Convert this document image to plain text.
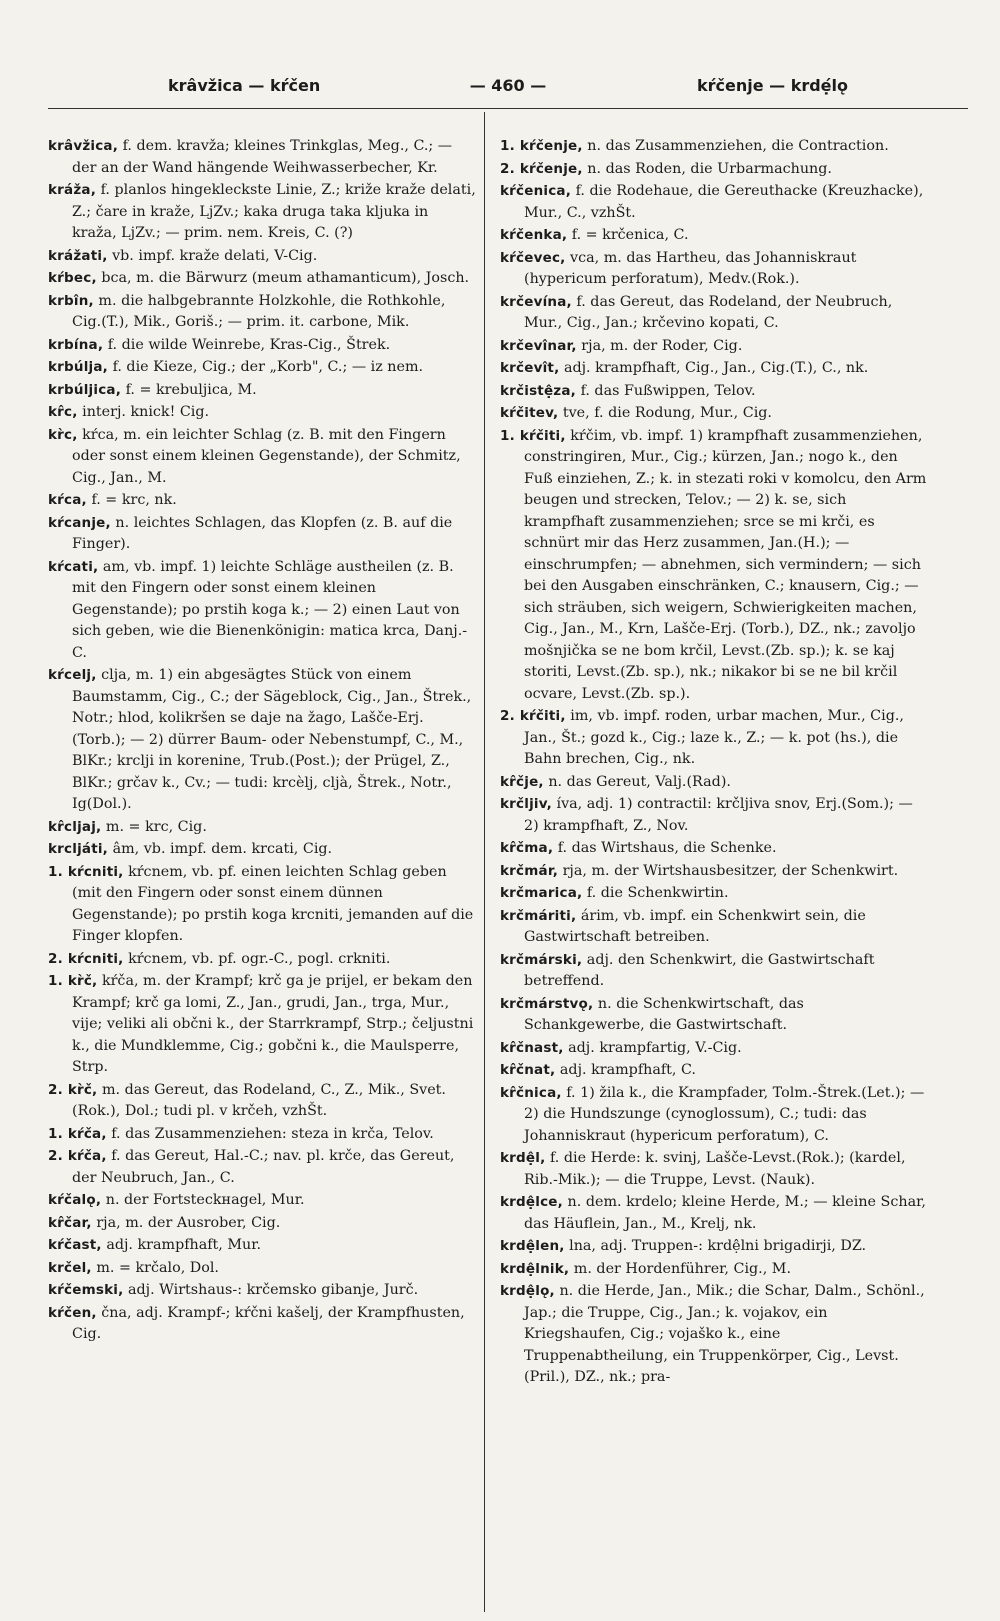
krâvžica — kŕčen	— 460 —	kŕčenje — krdẹ́lǫ
krâvžica, f. dem. kravža; kleines Trinkglas, Meg., C.; — der an der Wand hängende Weihwasserbecher, Kr.
kráža, f. planlos hingekleckste Linie, Z.; križe kraže delati, Z.; čare in kraže, LjZv.; kaka druga taka kljuka in kraža, LjZv.; — prim. nem. Kreis, C. (?)
krážati, vb. impf. kraže delati, V-Cig.
kŕbec, bca, m. die Bärwurz (meum athamanticum), Josch.
krbîn, m. die halbgebrannte Holzkohle, die Rothkohle, Cig.(T.), Mik., Goriš.; — prim. it. carbone, Mik.
krbína, f. die wilde Weinrebe, Kras-Cig., Štrek.
krbúlja, f. die Kieze, Cig.; der „Korb", C.; — iz nem.
krbúljica, f. = krebuljica, M.
kr̂c, interj. knick! Cig.
kr̀c, kŕca, m. ein leichter Schlag (z. B. mit den Fingern oder sonst einem kleinen Gegenstande), der Schmitz, Cig., Jan., M.
kŕca, f. = krc, nk.
kŕcanje, n. leichtes Schlagen, das Klopfen (z. B. auf die Finger).
kŕcati, am, vb. impf. 1) leichte Schläge austheilen (z. B. mit den Fingern oder sonst einem kleinen Gegenstande); po prstih koga k.; — 2) einen Laut von sich geben, wie die Bienenkönigin: matica krca, Danj.-C.
kŕcelj, clja, m. 1) ein abgesägtes Stück von einem Baumstamm, Cig., C.; der Sägeblock, Cig., Jan., Štrek., Notr.; hlod, kolikršen se daje na žago, Lašče-Erj.(Torb.); — 2) dürrer Baum- oder Nebenstumpf, C., M., BlKr.; krclji in korenine, Trub.(Post.); der Prügel, Z., BlKr.; grčav k., Cv.; — tudi: krcèlj, cljà, Štrek., Notr., Ig(Dol.).
kr̂cljaj, m. = krc, Cig.
krcljáti, âm, vb. impf. dem. krcati, Cig.
1. kŕcniti, kŕcnem, vb. pf. einen leichten Schlag geben (mit den Fingern oder sonst einem dünnen Gegenstande); po prstih koga krcniti, jemanden auf die Finger klopfen.
2. kŕcniti, kŕcnem, vb. pf. ogr.-C., pogl. crkniti.
1. kr̀č, kŕča, m. der Krampf; krč ga je prijel, er bekam den Krampf; krč ga lomi, Z., Jan., grudi, Jan., trga, Mur., vije; veliki ali občni k., der Starrkrampf, Strp.; čeljustni k., die Mundklemme, Cig.; gobčni k., die Maulsperre, Strp.
2. kr̀č, m. das Gereut, das Rodeland, C., Z., Mik., Svet. (Rok.), Dol.; tudi pl. v krčeh, vzhŠt.
1. kŕča, f. das Zusammenziehen: steza in krča, Telov.
2. kŕča, f. das Gereut, Hal.-C.; nav. pl. krče, das Gereut, der Neubruch, Jan., C.
kŕčalǫ, n. der Fortsteckнagel, Mur.
kr̂čar, rja, m. der Ausrober, Cig.
kŕčast, adj. krampfhaft, Mur.
krčel, m. = krčalo, Dol.
kŕčemski, adj. Wirtshaus-: krčemsko gibanje, Jurč.
kŕčen, čna, adj. Krampf-; kŕčni kašelj, der Krampfhusten, Cig.
1. kŕčenje, n. das Zusammenziehen, die Contraction.
2. kŕčenje, n. das Roden, die Urbarmachung.
kŕčenica, f. die Rodehaue, die Gereuthacke (Kreuzhacke), Mur., C., vzhŠt.
kŕčenka, f. = krčenica, C.
kŕčevec, vca, m. das Hartheu, das Johanniskraut (hypericum perforatum), Medv.(Rok.).
krčevína, f. das Gereut, das Rodeland, der Neubruch, Mur., Cig., Jan.; krčevino kopati, C.
krčevînar, rja, m. der Roder, Cig.
krčevît, adj. krampfhaft, Cig., Jan., Cig.(T.), C., nk.
krčistệza, f. das Fußwippen, Telov.
kŕčitev, tve, f. die Rodung, Mur., Cig.
1. kŕčiti, kŕčim, vb. impf. 1) krampfhaft zusammenziehen, constringiren, Mur., Cig.; kürzen, Jan.; nogo k., den Fuß einziehen, Z.; k. in stezati roki v komolcu, den Arm beugen und strecken, Telov.; — 2) k. se, sich krampfhaft zusammenziehen; srce se mi krči, es schnürt mir das Herz zusammen, Jan.(H.); — einschrumpfen; — abnehmen, sich vermindern; — sich bei den Ausgaben einschränken, C.; knausern, Cig.; — sich sträuben, sich weigern, Schwierigkeiten machen, Cig., Jan., M., Krn, Lašče-Erj. (Torb.), DZ., nk.; zavoljo mošnjička se ne bom krčil, Levst.(Zb. sp.); k. se kaj storiti, Levst.(Zb. sp.), nk.; nikakor bi se ne bil krčil ocvare, Levst.(Zb. sp.).
2. kŕčiti, im, vb. impf. roden, urbar machen, Mur., Cig., Jan., Št.; gozd k., Cig.; laze k., Z.; — k. pot (hs.), die Bahn brechen, Cig., nk.
kr̂čje, n. das Gereut, Valj.(Rad).
krčljiv, íva, adj. 1) contractil: krčljiva snov, Erj.(Som.); — 2) krampfhaft, Z., Nov.
kr̂čma, f. das Wirtshaus, die Schenke.
krčmár, rja, m. der Wirtshausbesitzer, der Schenkwirt.
krčmarica, f. die Schenkwirtin.
krčmáriti, árim, vb. impf. ein Schenkwirt sein, die Gastwirtschaft betreiben.
krčmárski, adj. den Schenkwirt, die Gastwirtschaft betreffend.
krčmárstvǫ, n. die Schenkwirtschaft, das Schankgewerbe, die Gastwirtschaft.
kr̂čnast, adj. krampfartig, V.-Cig.
kr̂čnat, adj. krampfhaft, C.
kr̂čnica, f. 1) žila k., die Krampfader, Tolm.-Štrek.(Let.); — 2) die Hundszunge (cynoglossum), C.; tudi: das Johanniskraut (hypericum perforatum), C.
krdệl, f. die Herde: k. svinj, Lašče-Levst.(Rok.); (kardel, Rib.-Mik.); — die Truppe, Levst. (Nauk).
krdệlce, n. dem. krdelo; kleine Herde, M.; — kleine Schar, das Häuflein, Jan., M., Krelj, nk.
krdệlen, lna, adj. Truppen-: krdệlni brigadirji, DZ.
krdệlnik, m. der Hordenführer, Cig., M.
krdệlǫ, n. die Herde, Jan., Mik.; die Schar, Dalm., Schönl., Jap.; die Truppe, Cig., Jan.; k. vojakov, ein Kriegshaufen, Cig.; vojaško k., eine Truppenabtheilung, ein Truppenkörper, Cig., Levst.(Pril.), DZ., nk.; pra-
